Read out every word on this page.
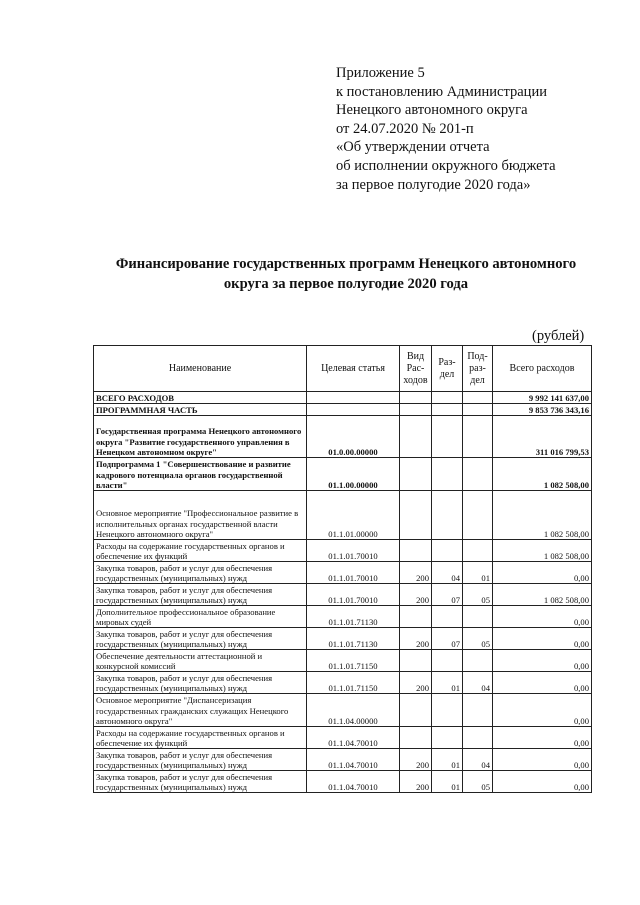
Приложение 5
к постановлению Администрации
Ненецкого автономного округа
от 24.07.2020 № 201-п
«Об утверждении отчета
об исполнении окружного бюджета
за первое полугодие 2020 года»
Финансирование государственных программ Ненецкого автономного
округа за первое полугодие 2020 года
(рублей)
Наименование	Целевая статья	Вид Рас-ходов	Раз-дел	Под-раз-дел	Всего расходов
ВСЕГО РАСХОДОВ					9 992 141 637,00
ПРОГРАММНАЯ ЧАСТЬ					9 853 736 343,16
Государственная программа Ненецкого автономного округа "Развитие государственного управления в Ненецком автономном округе"	01.0.00.00000				311 016 799,53
Подпрограмма 1 "Совершенствование и развитие кадрового потенциала органов государственной власти"	01.1.00.00000				1 082 508,00
Основное мероприятие "Профессиональное развитие в исполнительных органах государственной власти Ненецкого автономного округа"	01.1.01.00000				1 082 508,00
Расходы на содержание государственных органов и обеспечение их функций	01.1.01.70010				1 082 508,00
Закупка товаров, работ и услуг для обеспечения государственных (муниципальных) нужд	01.1.01.70010	200	04	01	0,00
Закупка товаров, работ и услуг для обеспечения государственных (муниципальных) нужд	01.1.01.70010	200	07	05	1 082 508,00
Дополнительное профессиональное образование мировых судей	01.1.01.71130				0,00
Закупка товаров, работ и услуг для обеспечения государственных (муниципальных) нужд	01.1.01.71130	200	07	05	0,00
Обеспечение деятельности аттестационной и конкурсной комиссий	01.1.01.71150				0,00
Закупка товаров, работ и услуг для обеспечения государственных (муниципальных) нужд	01.1.01.71150	200	01	04	0,00
Основное мероприятие "Диспансеризация государственных гражданских служащих Ненецкого автономного округа"	01.1.04.00000				0,00
Расходы на содержание государственных органов и обеспечение их функций	01.1.04.70010				0,00
Закупка товаров, работ и услуг для обеспечения государственных (муниципальных) нужд	01.1.04.70010	200	01	04	0,00
Закупка товаров, работ и услуг для обеспечения государственных (муниципальных) нужд	01.1.04.70010	200	01	05	0,00
